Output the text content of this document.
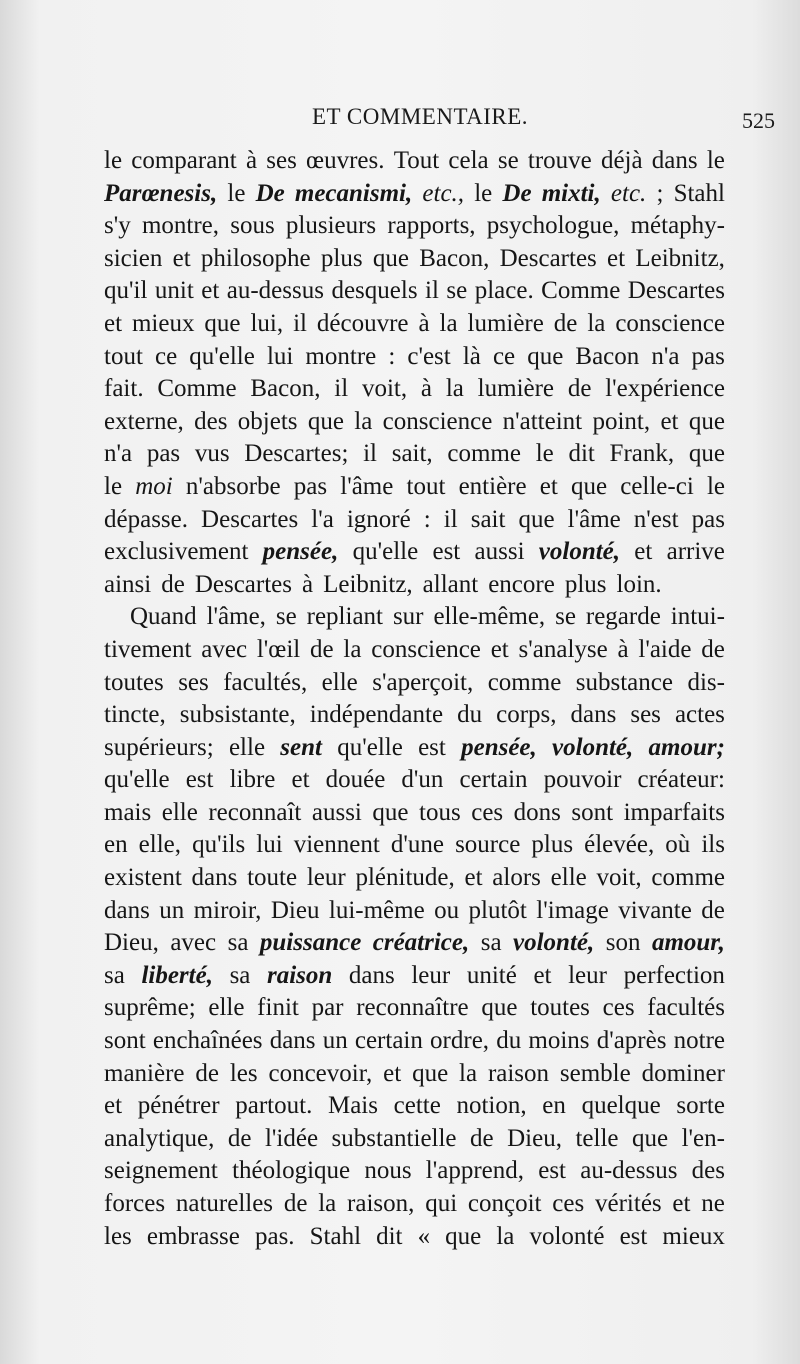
ET COMMENTAIRE.	525
le comparant à ses œuvres. Tout cela se trouve déjà dans le
Parœnesis, le De mecanismi, etc., le De mixti, etc. ; Stahl
s'y montre, sous plusieurs rapports, psychologue, métaphy-
sicien et philosophe plus que Bacon, Descartes et Leibnitz,
qu'il unit et au-dessus desquels il se place. Comme Descartes
et mieux que lui, il découvre à la lumière de la conscience
tout ce qu'elle lui montre : c'est là ce que Bacon n'a pas
fait. Comme Bacon, il voit, à la lumière de l'expérience
externe, des objets que la conscience n'atteint point, et que
n'a pas vus Descartes; il sait, comme le dit Frank, que
le moi n'absorbe pas l'âme tout entière et que celle-ci le
dépasse. Descartes l'a ignoré : il sait que l'âme n'est pas
exclusivement pensée, qu'elle est aussi volonté, et arrive
ainsi de Descartes à Leibnitz, allant encore plus loin.
Quand l'âme, se repliant sur elle-même, se regarde intui-
tivement avec l'œil de la conscience et s'analyse à l'aide de
toutes ses facultés, elle s'aperçoit, comme substance dis-
tincte, subsistante, indépendante du corps, dans ses actes
supérieurs; elle sent qu'elle est pensée, volonté, amour;
qu'elle est libre et douée d'un certain pouvoir créateur:
mais elle reconnaît aussi que tous ces dons sont imparfaits
en elle, qu'ils lui viennent d'une source plus élevée, où ils
existent dans toute leur plénitude, et alors elle voit, comme
dans un miroir, Dieu lui-même ou plutôt l'image vivante de
Dieu, avec sa puissance créatrice, sa volonté, son amour,
sa liberté, sa raison dans leur unité et leur perfection
suprême; elle finit par reconnaître que toutes ces facultés
sont enchaînées dans un certain ordre, du moins d'après notre
manière de les concevoir, et que la raison semble dominer
et pénétrer partout. Mais cette notion, en quelque sorte
analytique, de l'idée substantielle de Dieu, telle que l'en-
seignement théologique nous l'apprend, est au-dessus des
forces naturelles de la raison, qui conçoit ces vérités et ne
les embrasse pas. Stahl dit « que la volonté est mieux
